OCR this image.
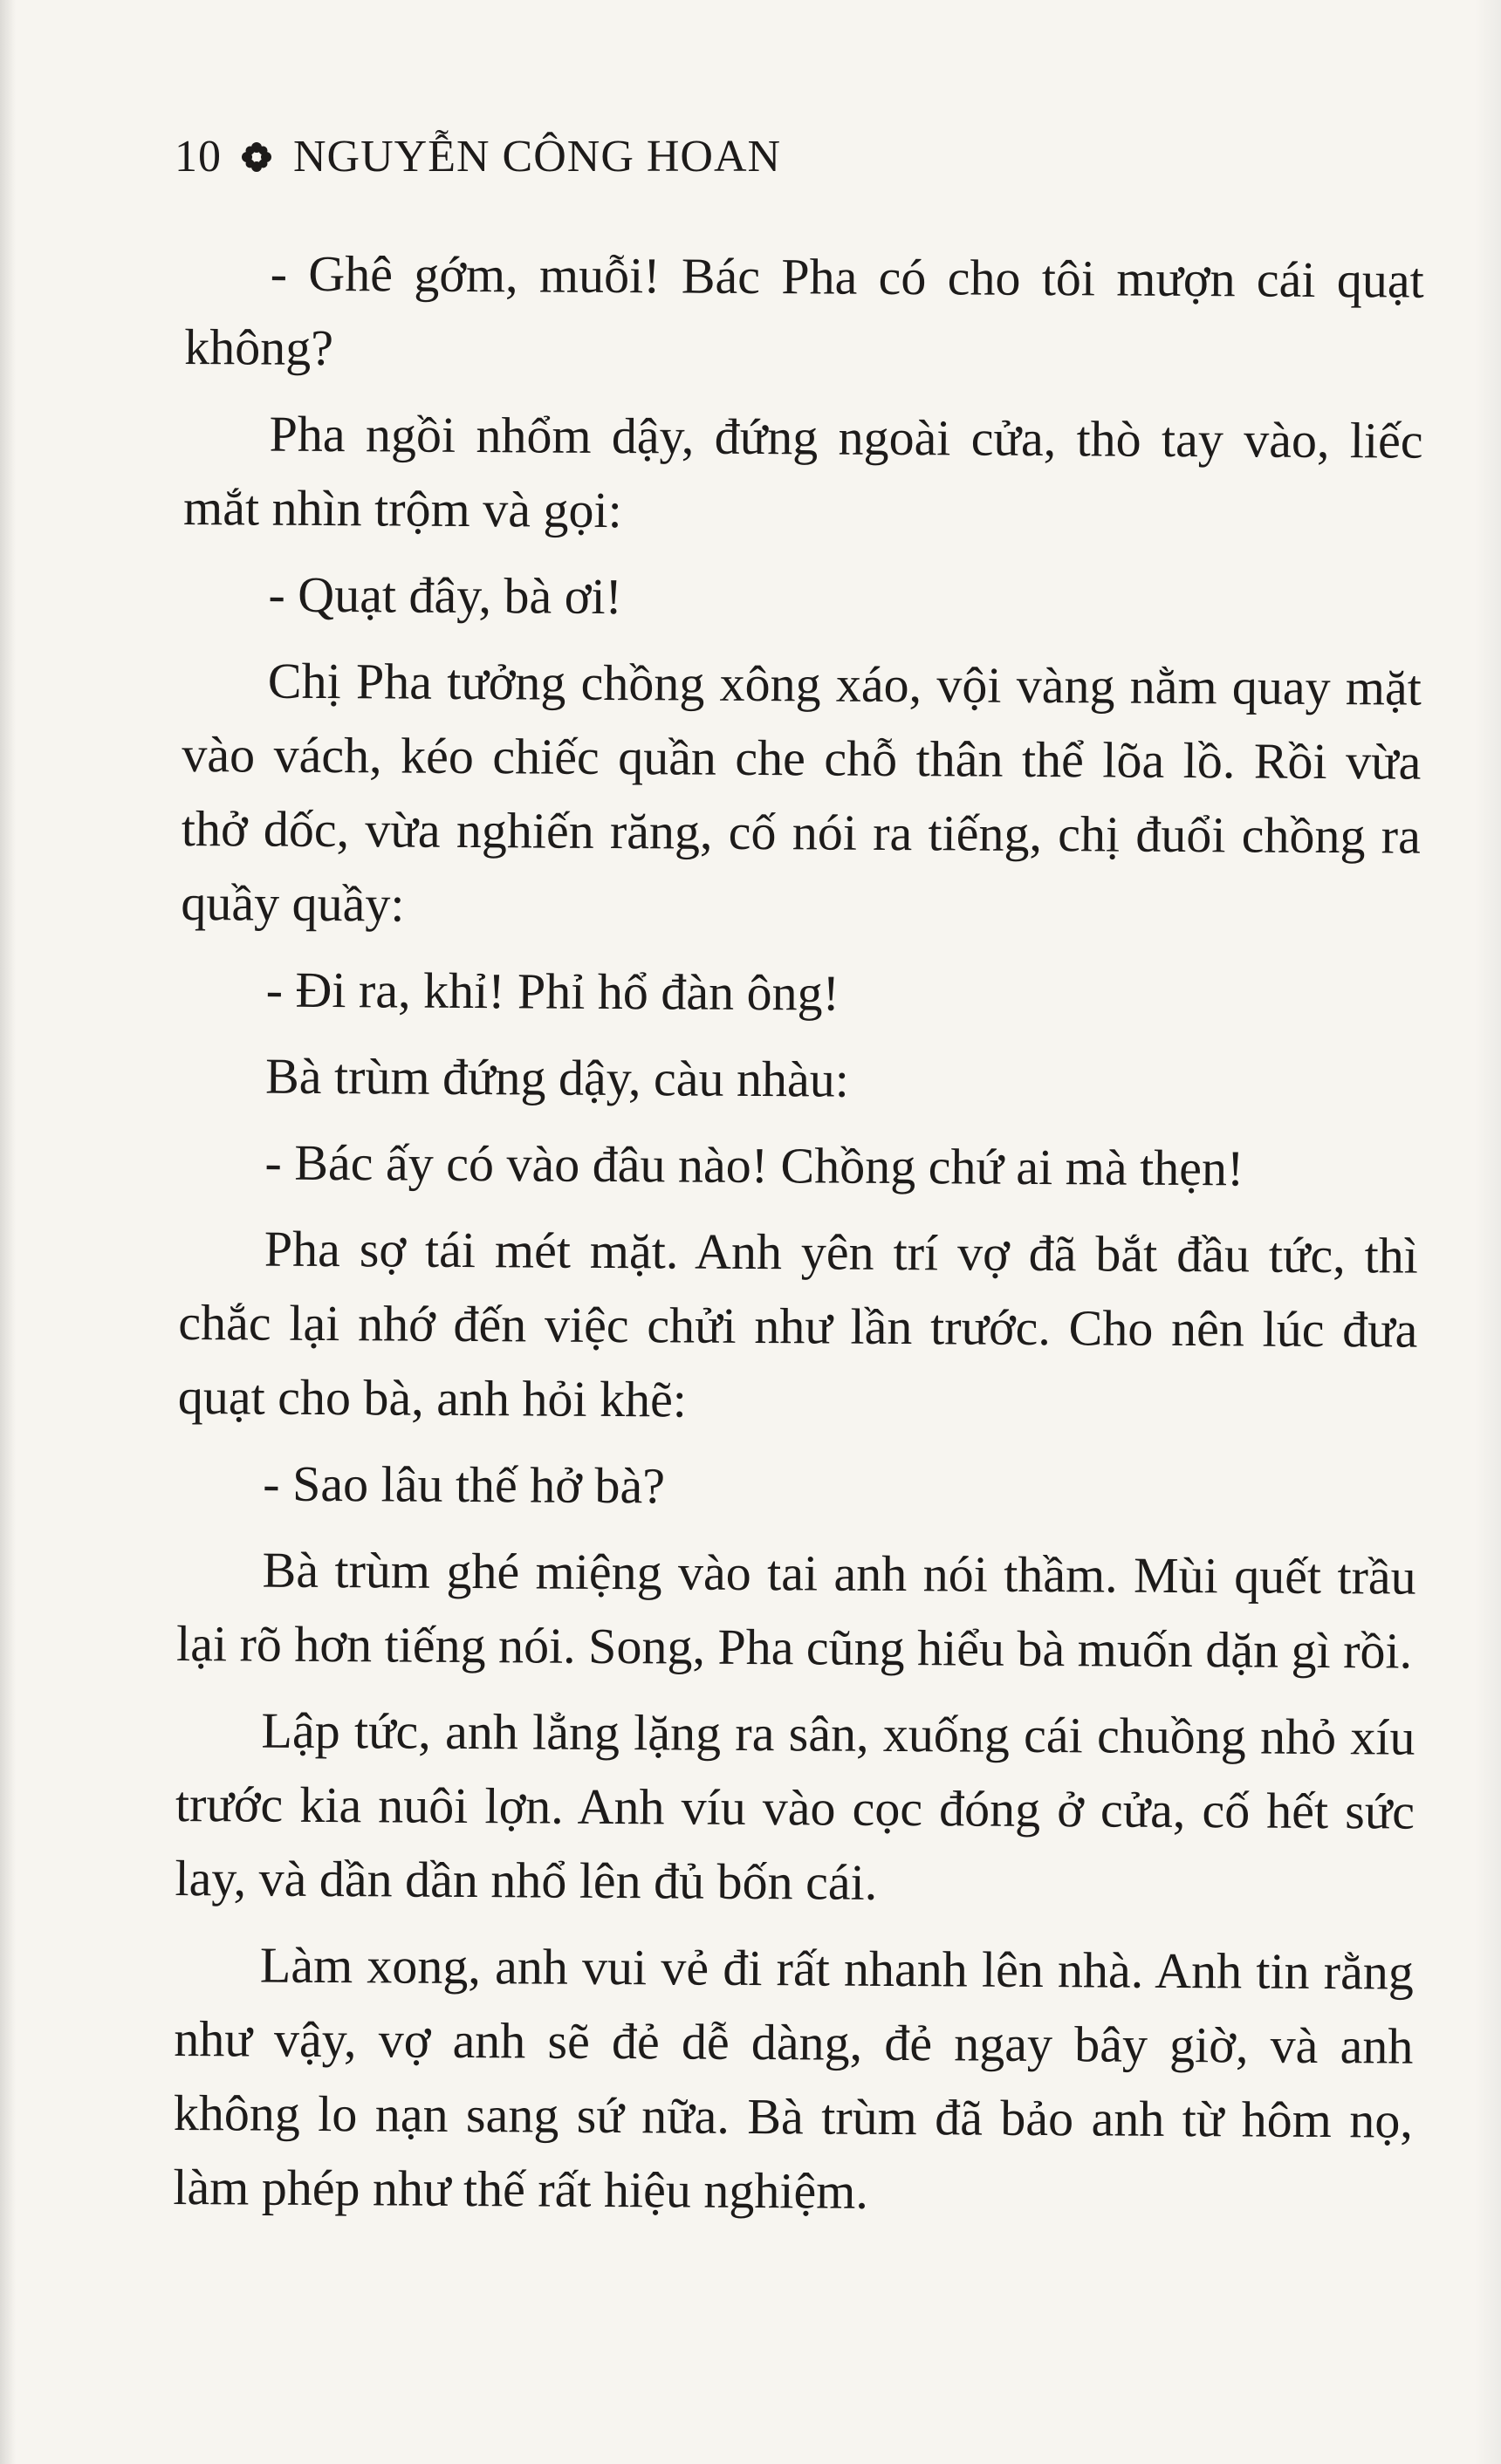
10 NGUYỄN CÔNG HOAN

- Ghê gớm, muỗi! Bác Pha có cho tôi mượn cái quạt không?

Pha ngồi nhổm dậy, đứng ngoài cửa, thò tay vào, liếc mắt nhìn trộm và gọi:

- Quạt đây, bà ơi!

Chị Pha tưởng chồng xông xáo, vội vàng nằm quay mặt vào vách, kéo chiếc quần che chỗ thân thể lõa lồ. Rồi vừa thở dốc, vừa nghiến răng, cố nói ra tiếng, chị đuổi chồng ra quầy quầy:

- Đi ra, khỉ! Phỉ hổ đàn ông!

Bà trùm đứng dậy, càu nhàu:

- Bác ấy có vào đâu nào! Chồng chứ ai mà thẹn!

Pha sợ tái mét mặt. Anh yên trí vợ đã bắt đầu tức, thì chắc lại nhớ đến việc chửi như lần trước. Cho nên lúc đưa quạt cho bà, anh hỏi khẽ:

- Sao lâu thế hở bà?

Bà trùm ghé miệng vào tai anh nói thầm. Mùi quết trầu lại rõ hơn tiếng nói. Song, Pha cũng hiểu bà muốn dặn gì rồi.

Lập tức, anh lẳng lặng ra sân, xuống cái chuồng nhỏ xíu trước kia nuôi lợn. Anh víu vào cọc đóng ở cửa, cố hết sức lay, và dần dần nhổ lên đủ bốn cái.

Làm xong, anh vui vẻ đi rất nhanh lên nhà. Anh tin rằng như vậy, vợ anh sẽ đẻ dễ dàng, đẻ ngay bây giờ, và anh không lo nạn sang sứ nữa. Bà trùm đã bảo anh từ hôm nọ, làm phép như thế rất hiệu nghiệm.
